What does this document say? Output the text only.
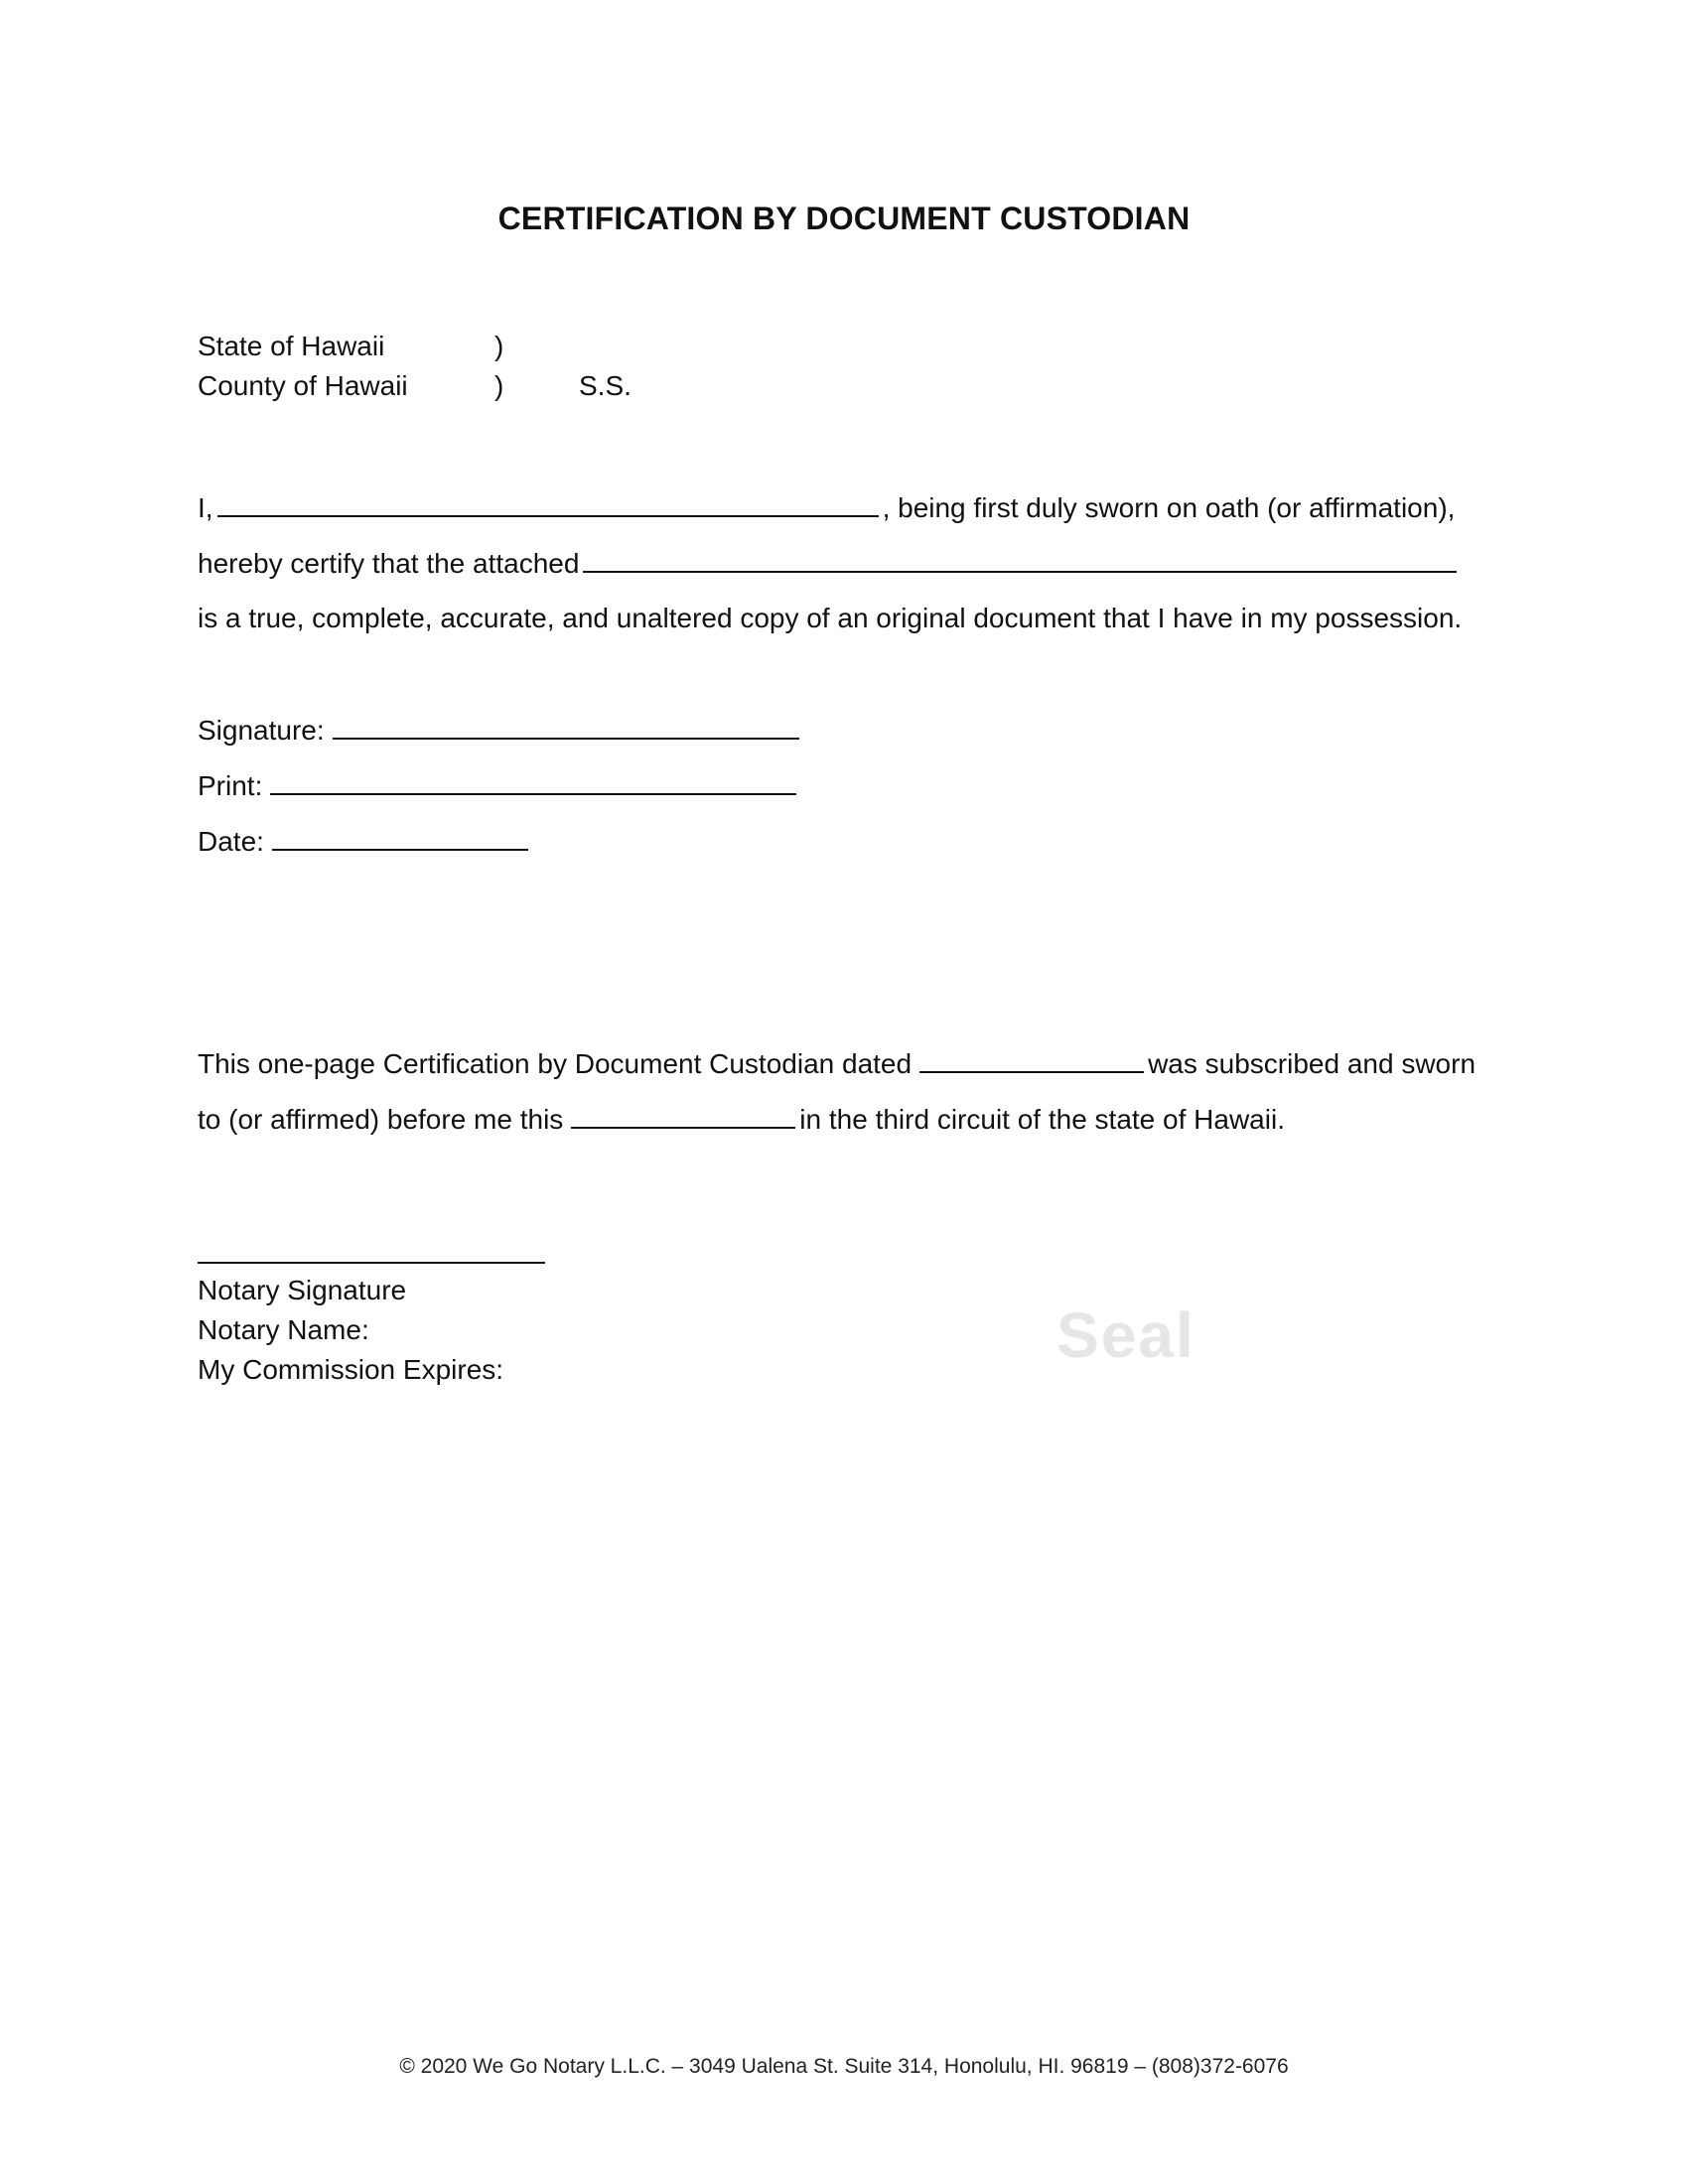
CERTIFICATION BY DOCUMENT CUSTODIAN
State of Hawaii	)
County of Hawaii	)	S.S.
I,	, being first duly sworn on oath (or affirmation),
hereby certify that the attached
is a true, complete, accurate, and unaltered copy of an original document that I have in my possession.
Signature:
Print:
Date:
This one-page Certification by Document Custodian dated	was subscribed and sworn
to (or affirmed) before me this	in the third circuit of the state of Hawaii.
Notary Signature
Notary Name:
My Commission Expires:	Seal
© 2020 We Go Notary L.L.C. – 3049 Ualena St. Suite 314, Honolulu, HI. 96819 – (808)372-6076
